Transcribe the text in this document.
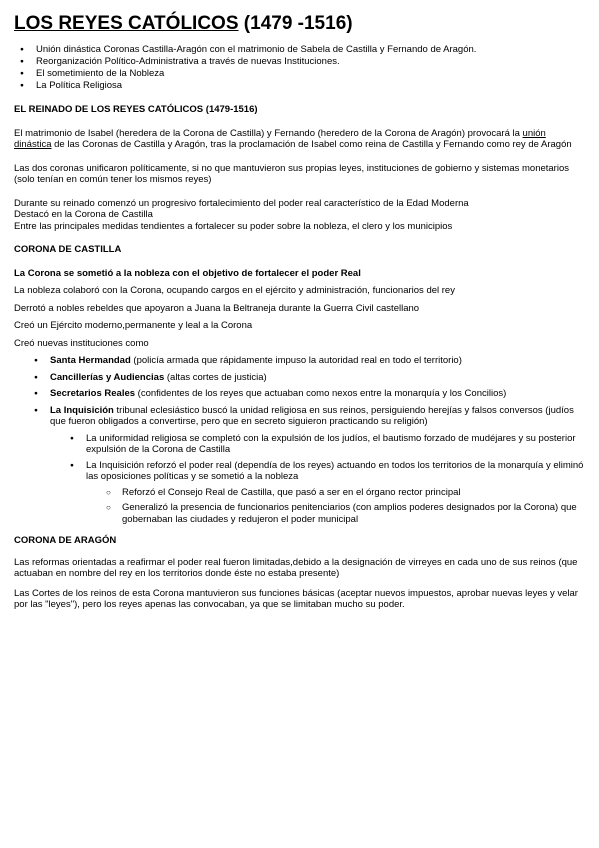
LOS REYES CATÓLICOS (1479 -1516)
● Unión dinástica Coronas Castilla-Aragón con el matrimonio de Sabela de Castilla y Fernando de Aragón.
● Reorganización Político-Administrativa a través de nuevas Instituciones.
● El sometimiento de la Nobleza
● La Política Religiosa

EL REINADO DE LOS REYES CATÓLICOS (1479-1516)

El matrimonio de Isabel (heredera de la Corona de Castilla) y Fernando (heredero de la Corona de Aragón) provocará la unión dinástica de las Coronas de Castilla y Aragón, tras la proclamación de Isabel como reina de Castilla y Fernando como rey de Aragón

Las dos coronas unificaron políticamente, si no que mantuvieron sus propias leyes, instituciones de gobierno y sistemas monetarios (solo tenían en común tener los mismos reyes)

Durante su reinado comenzó un progresivo fortalecimiento del poder real característico de la Edad Moderna

Destacó en la Corona de Castilla

Entre las principales medidas tendientes a fortalecer su poder sobre la nobleza, el clero y los municipios

CORONA DE CASTILLA

La Corona se sometió a la nobleza con el objetivo de fortalecer el poder Real

La nobleza colaboró con la Corona, ocupando cargos en el ejército y administración, funcionarios del rey

Derrotó a nobles rebeldes que apoyaron a Juana la Beltraneja durante la Guerra Civil castellano

Creó un Ejército moderno,permanente y leal a la Corona

Creó nuevas instituciones como

● Santa Hermandad (policía armada que rápidamente impuso la autoridad real en todo el territorio)
● Cancillerías y Audiencias (altas cortes de justicia)
● Secretarios Reales (confidentes de los reyes que actuaban como nexos entre la monarquía y los Concilios)
● La Inquisición tribunal eclesiástico buscó la unidad religiosa en sus reinos, persiguiendo herejías y falsos conversos (judíos que fueron obligados a convertirse, pero que en secreto siguieron practicando su religión)
● La uniformidad religiosa se completó con la expulsión de los judíos, el bautismo forzado de mudéjares y su posterior expulsión de la Corona de Castilla
● La Inquisición reforzó el poder real (dependía de los reyes) actuando en todos los territorios de la monarquía y eliminó las oposiciones políticas y se sometió a la nobleza
○ Reforzó el Consejo Real de Castilla, que pasó a ser en el órgano rector principal
○ Generalizó la presencia de funcionarios penitenciarios (con amplios poderes designados por la Corona) que gobernaban las ciudades y redujeron el poder municipal

CORONA DE ARAGÓN

Las reformas orientadas a reafirmar el poder real fueron limitadas,debido a la designación de virreyes en cada uno de sus reinos (que actuaban en nombre del rey en los territorios donde éste no estaba presente)

Las Cortes de los reinos de esta Corona mantuvieron sus funciones básicas (aceptar nuevos impuestos, aprobar nuevas leyes y velar por las "leyes"), pero los reyes apenas las convocaban, ya que se limitaban mucho su poder.
